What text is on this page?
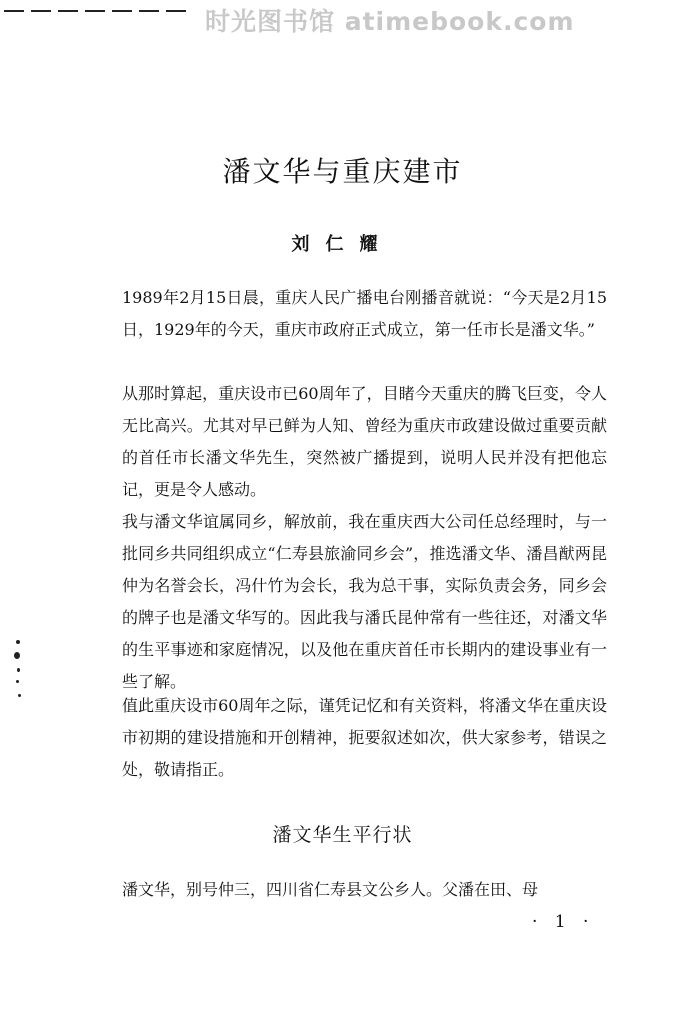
时光图书馆 atimebook.com
潘文华与重庆建市
刘仁耀

1989年2月15日晨，重庆人民广播电台刚播音就说：“今天是2月15日，1929年的今天，重庆市政府正式成立，第一任市长是潘文华。”

从那时算起，重庆设市已60周年了，目睹今天重庆的腾飞巨变，令人无比高兴。尤其对早已鲜为人知、曾经为重庆市政建设做过重要贡献的首任市长潘文华先生，突然被广播提到，说明人民并没有把他忘记，更是令人感动。

我与潘文华谊属同乡，解放前，我在重庆西大公司任总经理时，与一批同乡共同组织成立“仁寿县旅渝同乡会”，推选潘文华、潘昌猷两昆仲为名誉会长，冯什竹为会长，我为总干事，实际负责会务，同乡会的牌子也是潘文华写的。因此我与潘氏昆仲常有一些往还，对潘文华的生平事迹和家庭情况，以及他在重庆首任市长期内的建设事业有一些了解。

值此重庆设市60周年之际，谨凭记忆和有关资料，将潘文华在重庆设市初期的建设措施和开创精神，扼要叙述如次，供大家参考，错误之处，敬请指正。

潘文华生平行状

潘文华，别号仲三，四川省仁寿县文公乡人。父潘在田、母

· 1 ·
